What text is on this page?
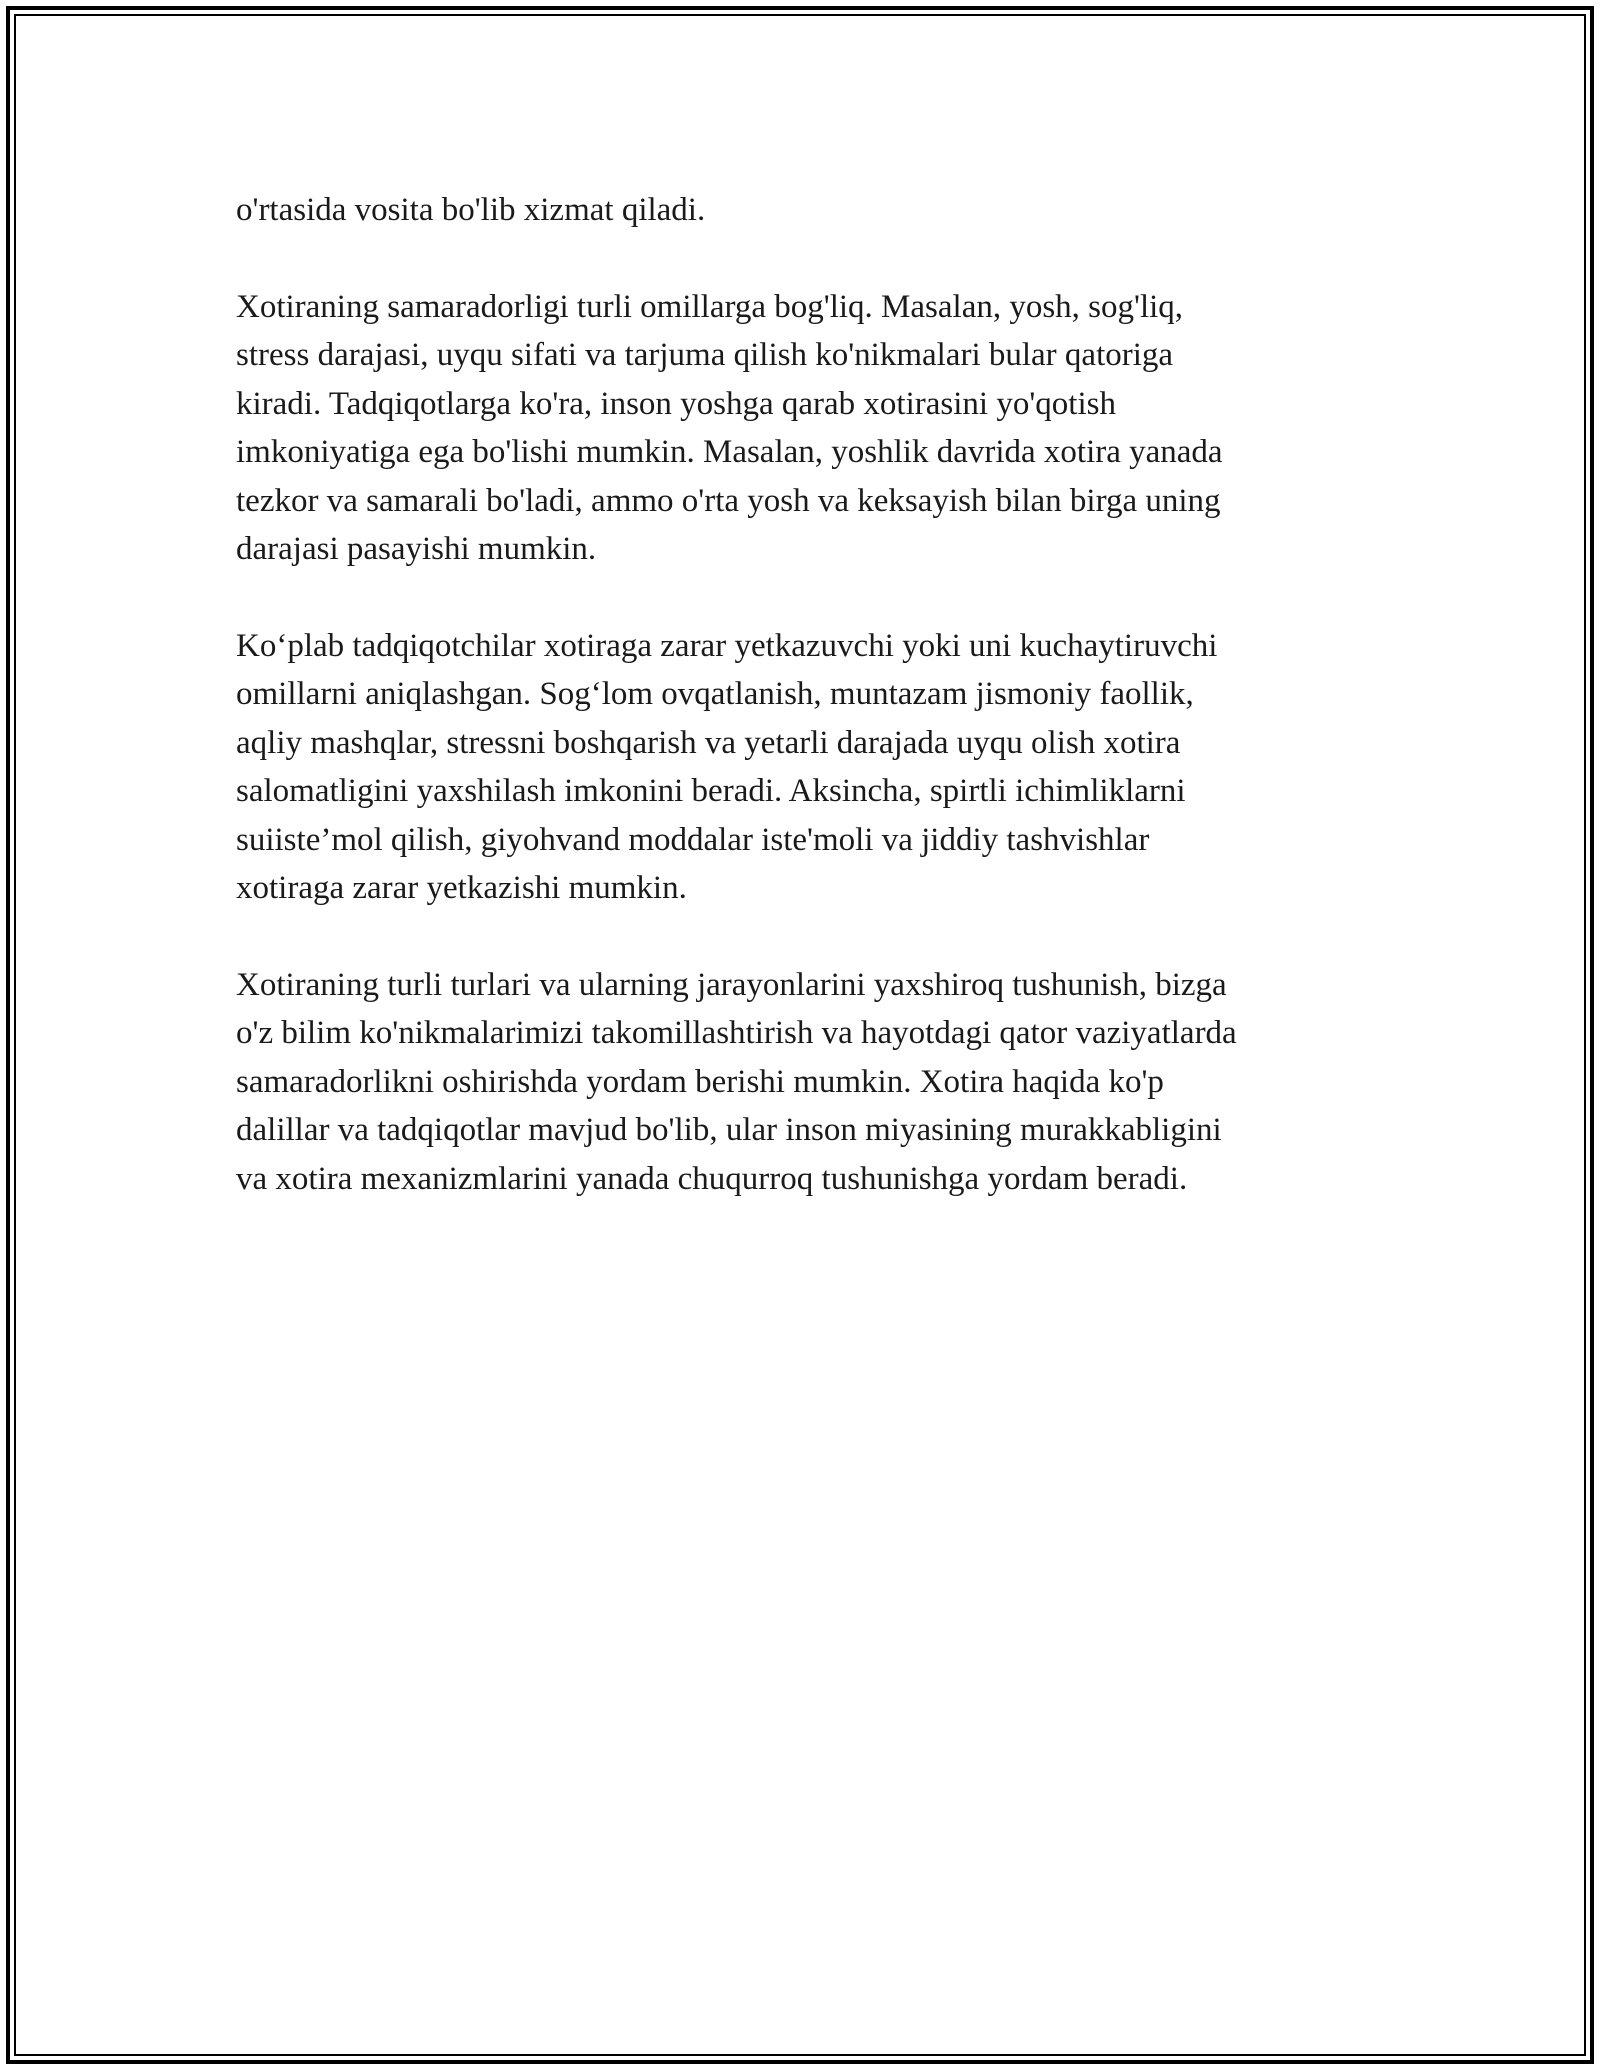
o'rtasida vosita bo'lib xizmat qiladi.

Xotiraning samaradorligi turli omillarga bog'liq. Masalan, yosh, sog'liq,
stress darajasi, uyqu sifati va tarjuma qilish ko'nikmalari bular qatoriga
kiradi. Tadqiqotlarga ko'ra, inson yoshga qarab xotirasini yo'qotish
imkoniyatiga ega bo'lishi mumkin. Masalan, yoshlik davrida xotira yanada
tezkor va samarali bo'ladi, ammo o'rta yosh va keksayish bilan birga uning
darajasi pasayishi mumkin.

Ko‘plab tadqiqotchilar xotiraga zarar yetkazuvchi yoki uni kuchaytiruvchi
omillarni aniqlashgan. Sog‘lom ovqatlanish, muntazam jismoniy faollik,
aqliy mashqlar, stressni boshqarish va yetarli darajada uyqu olish xotira
salomatligini yaxshilash imkonini beradi. Aksincha, spirtli ichimliklarni
suiiste’mol qilish, giyohvand moddalar iste'moli va jiddiy tashvishlar
xotiraga zarar yetkazishi mumkin.

Xotiraning turli turlari va ularning jarayonlarini yaxshiroq tushunish, bizga
o'z bilim ko'nikmalarimizi takomillashtirish va hayotdagi qator vaziyatlarda
samaradorlikni oshirishda yordam berishi mumkin. Xotira haqida ko'p
dalillar va tadqiqotlar mavjud bo'lib, ular inson miyasining murakkabligini
va xotira mexanizmlarini yanada chuqurroq tushunishga yordam beradi.
